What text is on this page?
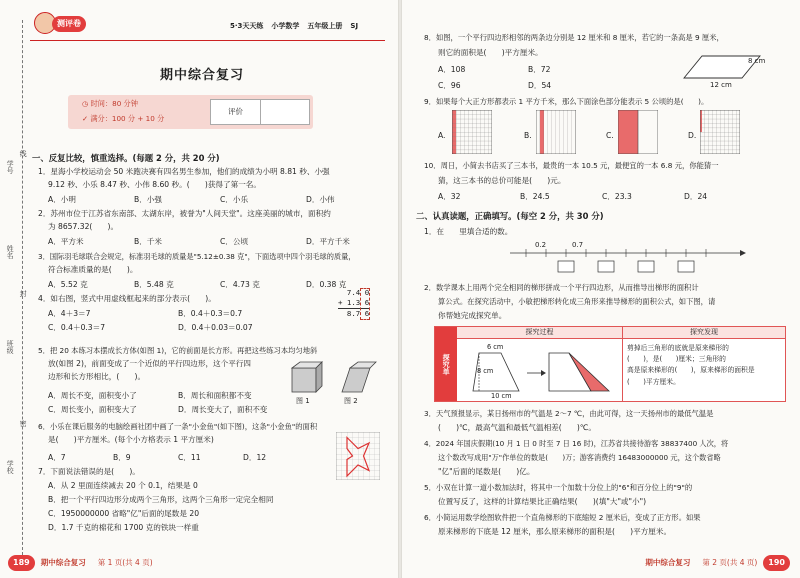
学号
姓名
班级
学校
线
封
密
测评卷	5·3天天练 小学数学 五年级上册 SJ
期中综合复习
◷ 时间：80 分钟
✓ 满分：100 分 + 10 分
评价
一、反复比较，慎重选择。(每题 2 分，共 20 分)
1．星海小学校运动会 50 米跑决赛有四名男生参加，他们的成绩为小明 8.81 秒、小强
9.12 秒、小乐 8.47 秒、小伟 8.60 秒。(　　)获得了第一名。
A．小明	B．小强	C．小乐	D．小伟
2．苏州市位于江苏省东南部、太湖东岸，被誉为"人间天堂"。这座美丽的城市，面积约
为 8657.32(　　)。
A．平方米	B．千米	C．公顷	D．平方千米
3．国际羽毛球联合会规定，标准羽毛球的质量是"5.12±0.38 克"，下面选项中四个羽毛球的质量，
符合标准质量的是(　　)。
A．5.52 克	B．5.48 克	C．4.73 克	D．0.38 克
4．如右图，竖式中用虚线框起来的部分表示(　　)。
A．4＋3＝7	B．0.4＋0.3＝0.7
C．0.4＋0.3＝7	D．0.4＋0.03＝0.07
7.4 0
+ 1.3 6
8.7 6
5．把 20 本练习本摆成长方体(如图 1)，它的前面是长方形。再把这些练习本均匀地斜
放(如图 2)，前面变成了一个近似的平行四边形，这个平行四
边形和长方形相比，(　　)。
A．周长不变，面积变小了	B．周长和面积都不变
C．周长变小，面积变大了	D．周长变大了，面积不变
图 1	图 2
6．小乐在课后服务的电脑绘画社团中画了一条"小金鱼"(如下图)，这条"小金鱼"的面积
是(　　)平方厘米。(每个小方格表示 1 平方厘米)
A．7	B．9	C．11	D．12
7．下面说法错误的是(　　)。
A．从 2 里面连续减去 20 个 0.1，结果是 0
B．把一个平行四边形分成两个三角形，这两个三角形一定完全相同
C．1950000000 省略"亿"后面的尾数是 20
D．1.7 千克的棉花和 1700 克的铁块一样重
189	期中综合复习 第 1 页(共 4 页)
8．如图，一个平行四边形相邻的两条边分别是 12 厘米和 8 厘米，若它的一条高是 9 厘米，
则它的面积是(　　)平方厘米。
A．108	B．72
C．96	D．54
8 cm
12 cm
9．如果每个大正方形都表示 1 平方千米，那么下面涂色部分能表示 5 公顷的是(　　)。
A.	B.	C.	D.
10．周日，小简去书店买了三本书，最贵的一本 10.5 元，最便宜的一本 6.8 元，你能猜一
猜，这三本书的总价可能是(　　)元。
A．32	B．24.5	C．23.3	D．24
二、认真读题，正确填写。(每空 2 分，共 30 分)
1．在　　里填合适的数。
0.2	0.7
2．数学课本上用两个完全相同的梯形拼成一个平行四边形，从而推导出梯形的面积计
算公式。在探究活动中，小敏把梯形转化成三角形来推导梯形的面积公式，如下图，请
你帮她完成探究单。
探究单
探究过程	探究发现
6 cm
8 cm
10 cm
剪掉后三角形的底就是原来梯形的
(　　)，是(　　)厘米；三角形的
高是原来梯形的(　　)，原来梯形的面积是
(　　)平方厘米。
3．天气预报显示，某日扬州市的气温是 2～7 ℃，由此可得，这一天扬州市的最低气温是
(　　)℃，最高气温和最低气温相差(　　)℃。
4．2024 年国庆假期(10 月 1 日 0 时至 7 日 16 时)，江苏省共接待游客 38837400 人次，将
这个数改写成用"万"作单位的数是(　　)万；游客消费约 16483000000 元，这个数省略
"亿"后面的尾数是(　　)亿。
5．小双在计算一道小数加法时，将其中一个加数十分位上的"6"和百分位上的"9"的
位置写反了，这样的计算结果比正确结果(　　)(填"大"或"小")
6．小简运用数学绘图软件把一个直角梯形的下底缩短 2 厘米后，变成了正方形。如果
原来梯形的下底是 12 厘米，那么原来梯形的面积是(　　)平方厘米。
期中综合复习 第 2 页(共 4 页)	190
